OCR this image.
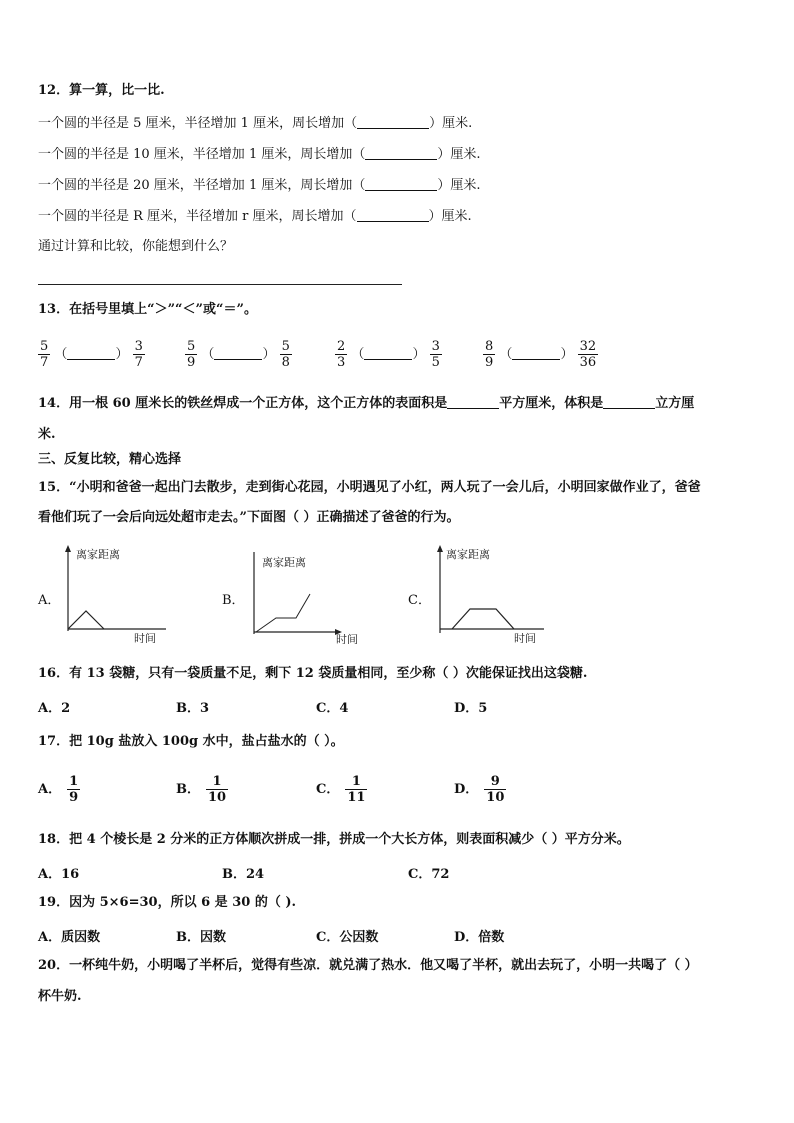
12．算一算，比一比.
一个圆的半径是 5 厘米，半径增加 1 厘米，周长增加（	）厘米.
一个圆的半径是 10 厘米，半径增加 1 厘米，周长增加（	）厘米.
一个圆的半径是 20 厘米，半径增加 1 厘米，周长增加（	）厘米.
一个圆的半径是 R 厘米，半径增加 r 厘米，周长增加（	）厘米.
通过计算和比较，你能想到什么？
13．在括号里填上“＞”“＜”或“＝”。
$\frac{5}{7}$ （	） $\frac{3}{7}$	$\frac{5}{9}$ （	） $\frac{5}{8}$	$\frac{2}{3}$ （	） $\frac{3}{5}$	$\frac{8}{9}$ （	） $\frac{32}{36}$
14．用一根 60 厘米长的铁丝焊成一个正方体，这个正方体的表面积是	平方厘米，体积是	立方厘
米.
三、反复比较，精心选择
15．“小明和爸爸一起出门去散步，走到街心花园，小明遇见了小红，两人玩了一会儿后，小明回家做作业了，爸爸
看他们玩了一会后向远处超市走去。”下面图（ ）正确描述了爸爸的行为。
A．
离家距离
时间
B．
离家距离
时间
C．
离家距离
时间
16．有 13 袋糖，只有一袋质量不足，剩下 12 袋质量相同，至少称（ ）次能保证找出这袋糖.
A．2	B．3	C．4	D．5
17．把 10g 盐放入 100g 水中，盐占盐水的（ ）。
A． $\frac{1}{9}$	B． $\frac{1}{10}$	C． $\frac{1}{11}$	D． $\frac{9}{10}$
18．把 4 个棱长是 2 分米的正方体顺次拼成一排，拼成一个大长方体，则表面积减少（ ）平方分米。
A．16	B．24	C．72
19．因为 5×6=30，所以 6 是 30 的（ ).
A．质因数	B．因数	C．公因数	D．倍数
20．一杯纯牛奶，小明喝了半杯后，觉得有些凉．就兑满了热水．他又喝了半杯，就出去玩了，小明一共喝了（ ）
杯牛奶.
